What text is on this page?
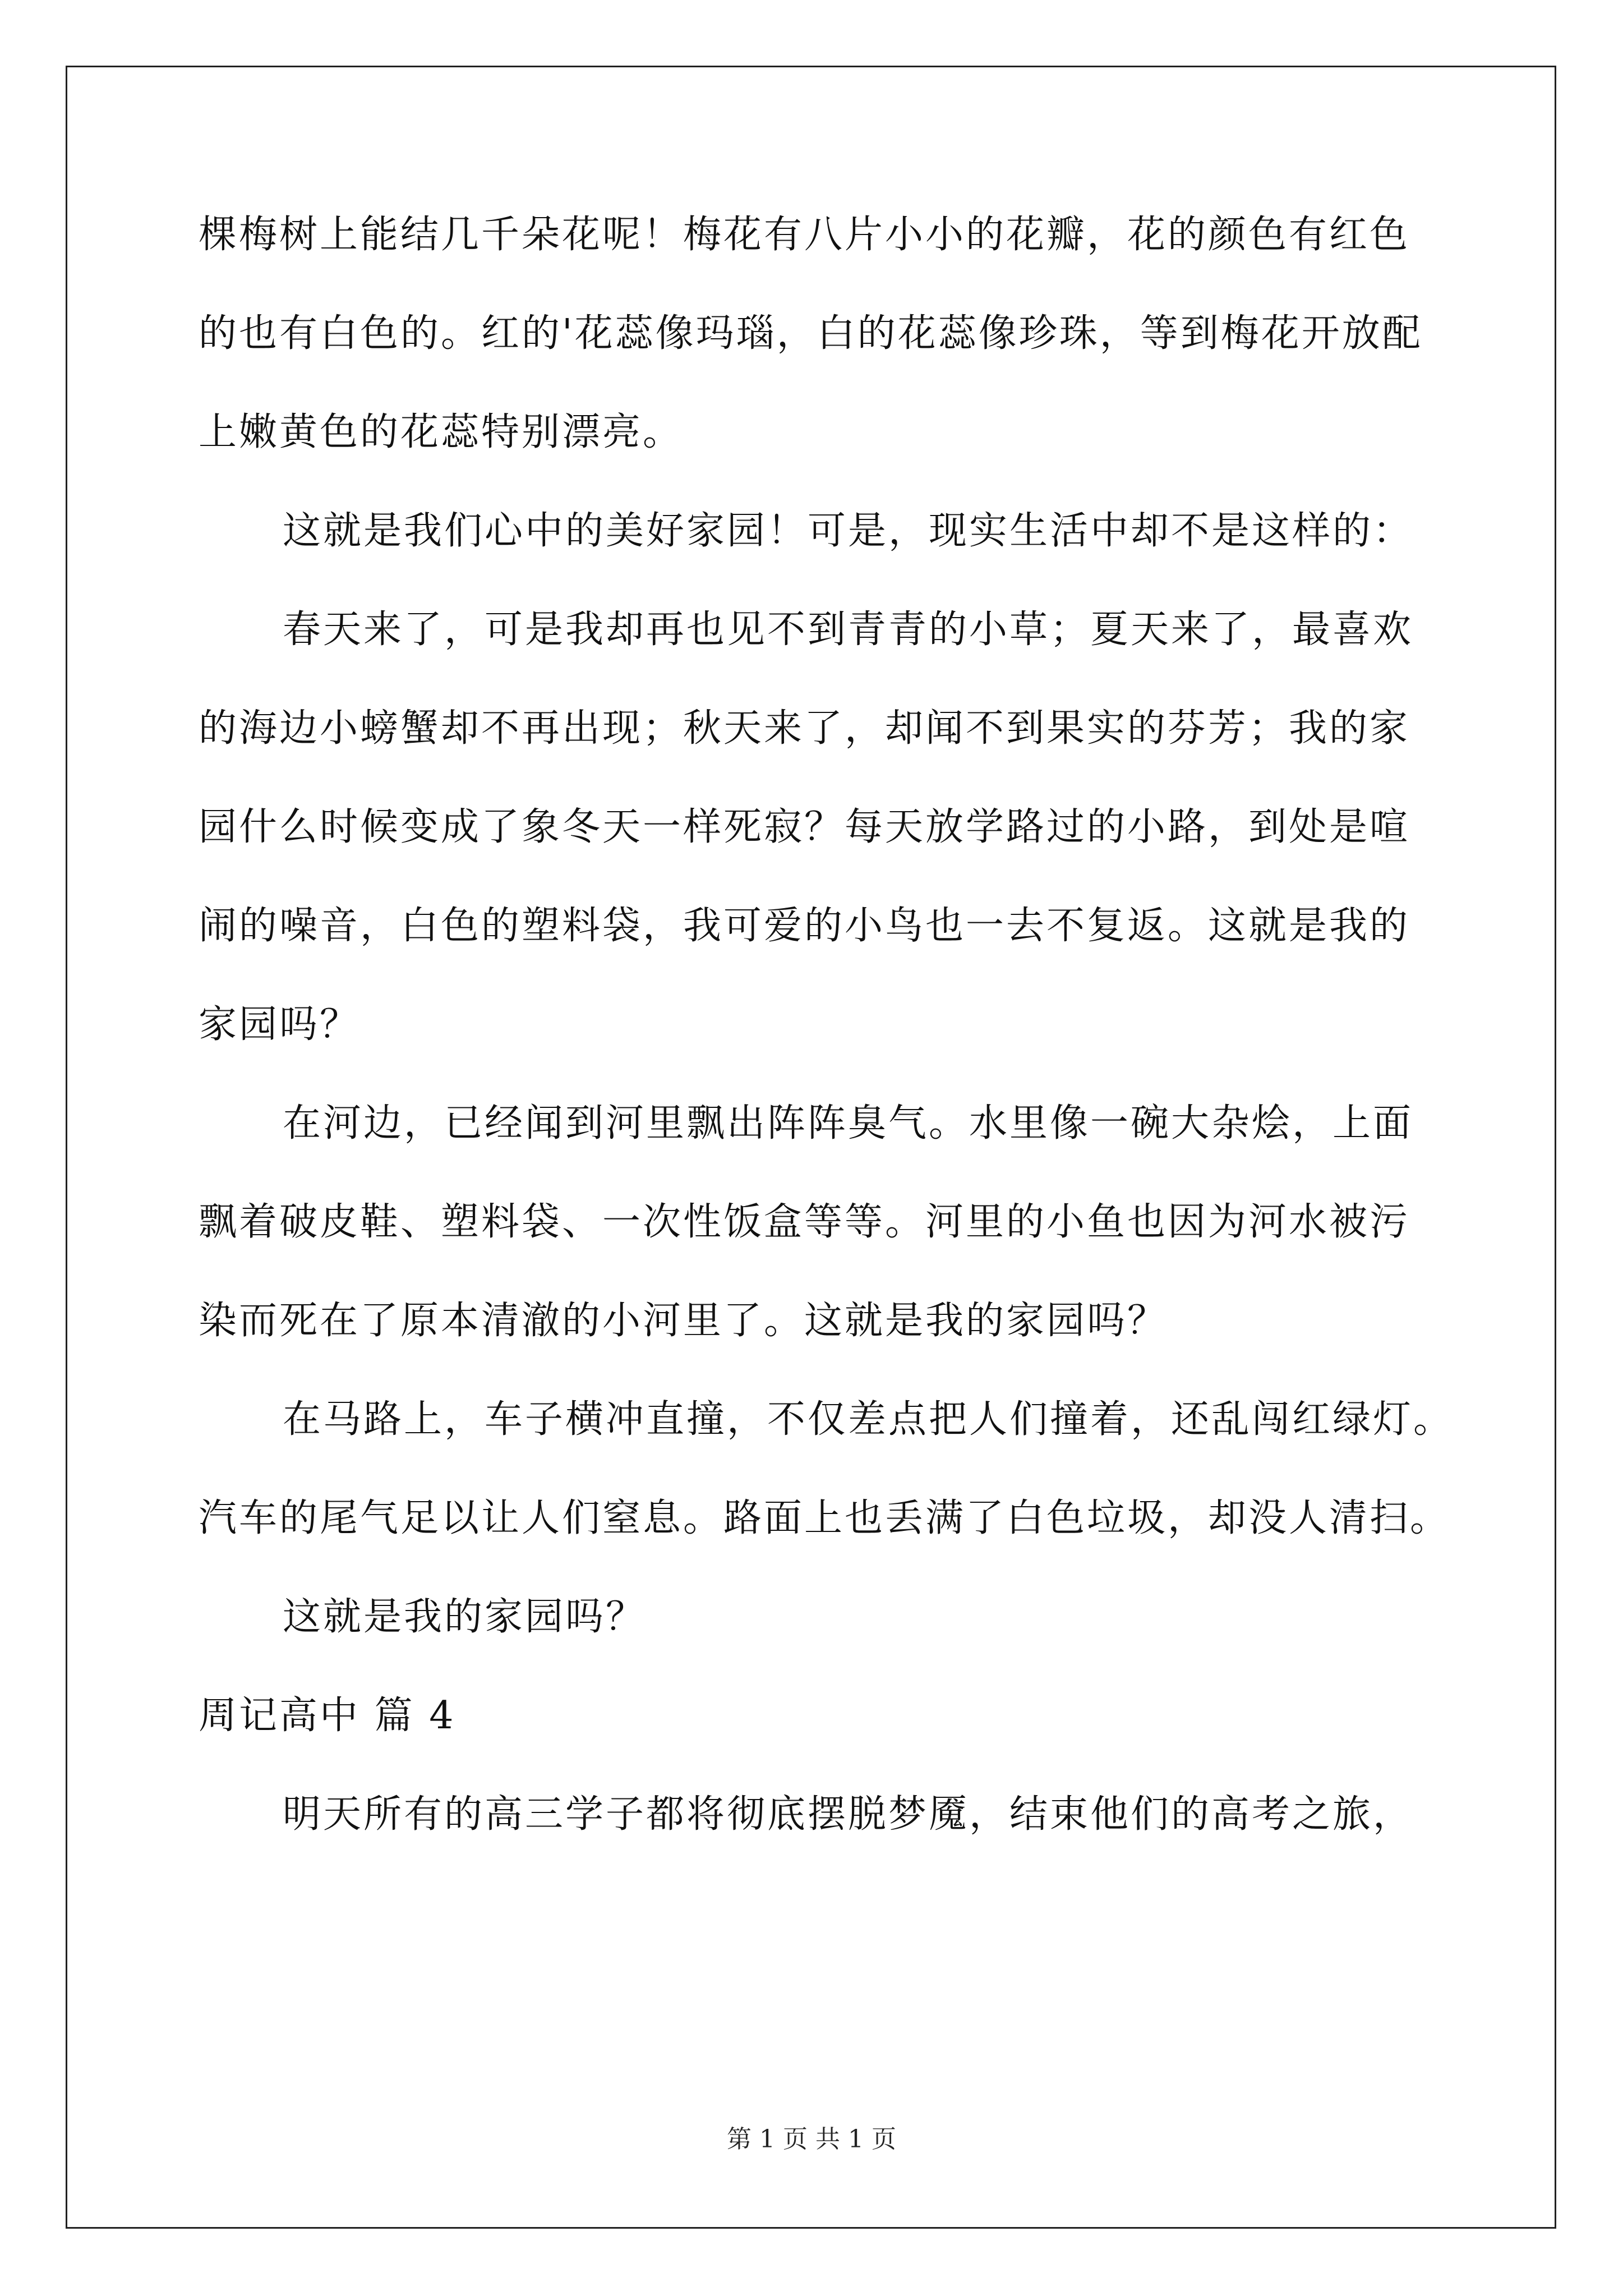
棵梅树上能结几千朵花呢！梅花有八片小小的花瓣，花的颜色有红色
的也有白色的。红的'花蕊像玛瑙，白的花蕊像珍珠，等到梅花开放配
上嫩黄色的花蕊特别漂亮。
这就是我们心中的美好家园！可是，现实生活中却不是这样的：
春天来了，可是我却再也见不到青青的小草；夏天来了，最喜欢
的海边小螃蟹却不再出现；秋天来了，却闻不到果实的芬芳；我的家
园什么时候变成了象冬天一样死寂？每天放学路过的小路，到处是喧
闹的噪音，白色的塑料袋，我可爱的小鸟也一去不复返。这就是我的
家园吗？
在河边，已经闻到河里飘出阵阵臭气。水里像一碗大杂烩，上面
飘着破皮鞋、塑料袋、一次性饭盒等等。河里的小鱼也因为河水被污
染而死在了原本清澈的小河里了。这就是我的家园吗？
在马路上，车子横冲直撞，不仅差点把人们撞着，还乱闯红绿灯。
汽车的尾气足以让人们窒息。路面上也丢满了白色垃圾，却没人清扫。
这就是我的家园吗？
周记高中 篇 4
明天所有的高三学子都将彻底摆脱梦魇，结束他们的高考之旅，
第 1 页 共 1 页
